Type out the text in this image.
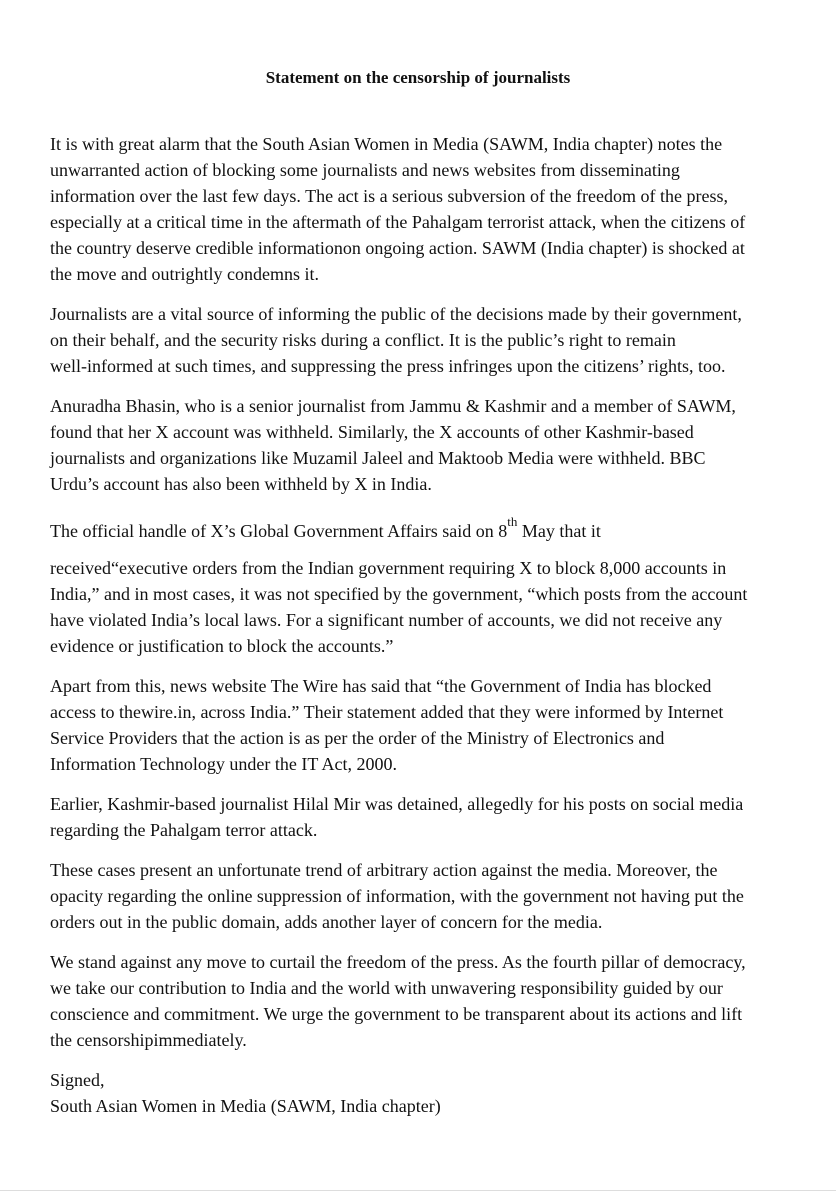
Statement on the censorship of journalists
It is with great alarm that the South Asian Women in Media (SAWM, India chapter) notes the
unwarranted action of blocking some journalists and news websites from disseminating
information over the last few days. The act is a serious subversion of the freedom of the press,
especially at a critical time in the aftermath of the Pahalgam terrorist attack, when the citizens of
the country deserve credible informationon ongoing action. SAWM (India chapter) is shocked at
the move and outrightly condemns it.
Journalists are a vital source of informing the public of the decisions made by their government,
on their behalf, and the security risks during a conflict. It is the public’s right to remain
well-informed at such times, and suppressing the press infringes upon the citizens’ rights, too.
Anuradha Bhasin, who is a senior journalist from Jammu & Kashmir and a member of SAWM,
found that her X account was withheld. Similarly, the X accounts of other Kashmir-based
journalists and organizations like Muzamil Jaleel and Maktoob Media were withheld. BBC
Urdu’s account has also been withheld by X in India.
The official handle of X’s Global Government Affairs said on 8th May that it
received“executive orders from the Indian government requiring X to block 8,000 accounts in
India,” and in most cases, it was not specified by the government, “which posts from the account
have violated India’s local laws. For a significant number of accounts, we did not receive any
evidence or justification to block the accounts.”
Apart from this, news website The Wire has said that “the Government of India has blocked
access to thewire.in, across India.” Their statement added that they were informed by Internet
Service Providers that the action is as per the order of the Ministry of Electronics and
Information Technology under the IT Act, 2000.
Earlier, Kashmir-based journalist Hilal Mir was detained, allegedly for his posts on social media
regarding the Pahalgam terror attack.
These cases present an unfortunate trend of arbitrary action against the media. Moreover, the
opacity regarding the online suppression of information, with the government not having put the
orders out in the public domain, adds another layer of concern for the media.
We stand against any move to curtail the freedom of the press. As the fourth pillar of democracy,
we take our contribution to India and the world with unwavering responsibility guided by our
conscience and commitment. We urge the government to be transparent about its actions and lift
the censorshipimmediately.
Signed,
South Asian Women in Media (SAWM, India chapter)
